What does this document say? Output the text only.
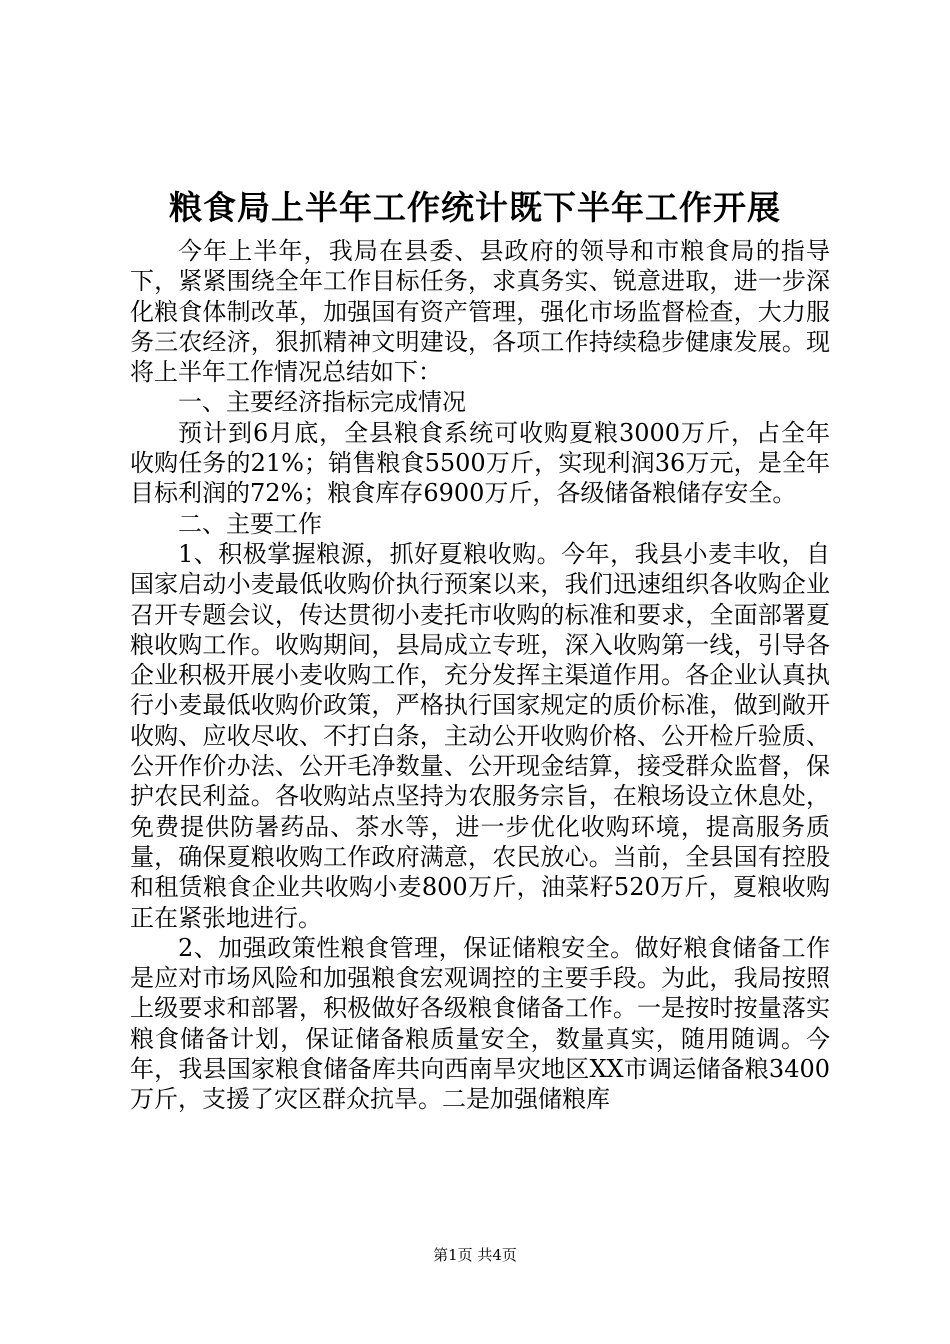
粮食局上半年工作统计既下半年工作开展

今年上半年，我局在县委、县政府的领导和市粮食局的指导下，紧紧围绕全年工作目标任务，求真务实、锐意进取，进一步深化粮食体制改革，加强国有资产管理，强化市场监督检查，大力服务三农经济，狠抓精神文明建设，各项工作持续稳步健康发展。现将上半年工作情况总结如下：

一、主要经济指标完成情况

预计到6月底，全县粮食系统可收购夏粮3000万斤，占全年收购任务的21%；销售粮食5500万斤，实现利润36万元，是全年目标利润的72%；粮食库存6900万斤，各级储备粮储存安全。

二、主要工作

1、积极掌握粮源，抓好夏粮收购。今年，我县小麦丰收，自国家启动小麦最低收购价执行预案以来，我们迅速组织各收购企业召开专题会议，传达贯彻小麦托市收购的标准和要求，全面部署夏粮收购工作。收购期间，县局成立专班，深入收购第一线，引导各企业积极开展小麦收购工作，充分发挥主渠道作用。各企业认真执行小麦最低收购价政策，严格执行国家规定的质价标准，做到敞开收购、应收尽收、不打白条，主动公开收购价格、公开检斤验质、公开作价办法、公开毛净数量、公开现金结算，接受群众监督，保护农民利益。各收购站点坚持为农服务宗旨，在粮场设立休息处，免费提供防暑药品、茶水等，进一步优化收购环境，提高服务质量，确保夏粮收购工作政府满意，农民放心。当前，全县国有控股和租赁粮食企业共收购小麦800万斤，油菜籽520万斤，夏粮收购正在紧张地进行。

2、加强政策性粮食管理，保证储粮安全。做好粮食储备工作是应对市场风险和加强粮食宏观调控的主要手段。为此，我局按照上级要求和部署，积极做好各级粮食储备工作。一是按时按量落实粮食储备计划，保证储备粮质量安全，数量真实，随用随调。今年，我县国家粮食储备库共向西南旱灾地区XX市调运储备粮3400万斤，支援了灾区群众抗旱。二是加强储粮库

第1页 共4页
